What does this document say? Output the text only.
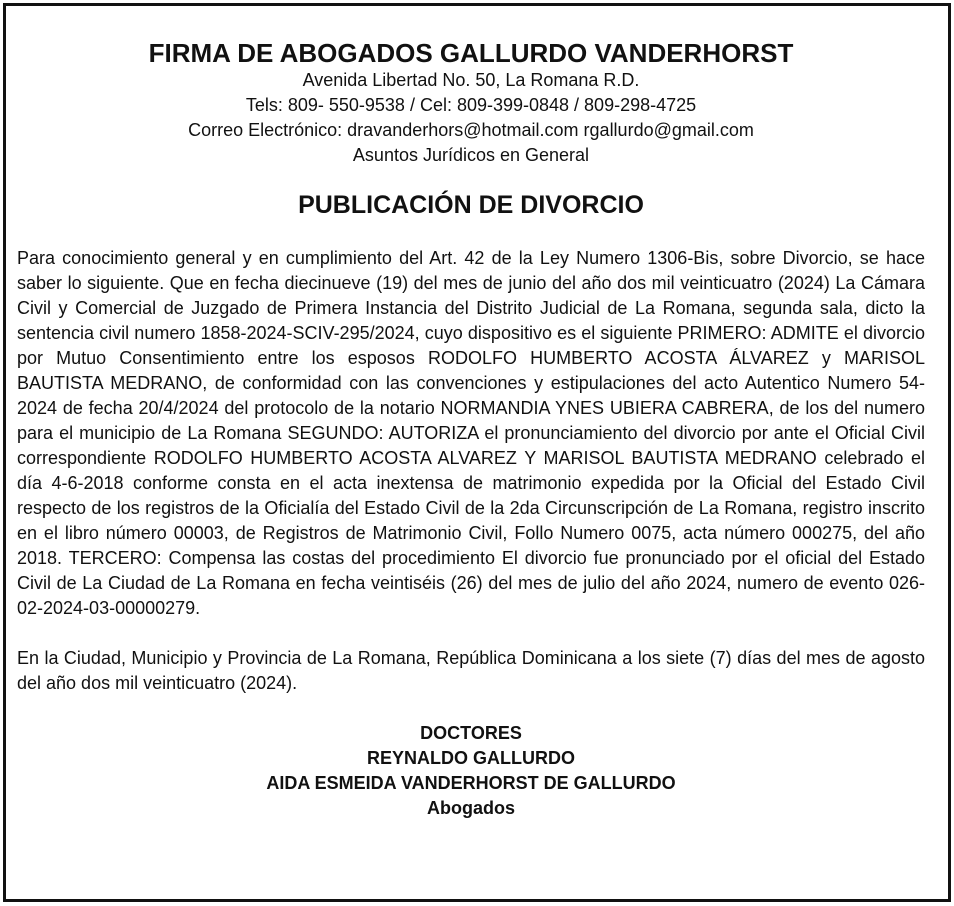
FIRMA DE ABOGADOS GALLURDO VANDERHORST

Avenida Libertad No. 50, La Romana R.D.

Tels: 809- 550-9538 / Cel: 809-399-0848 / 809-298-4725

Correo Electrónico: dravanderhors@hotmail.com rgallurdo@gmail.com

Asuntos Jurídicos en General

PUBLICACIÓN DE DIVORCIO

Para conocimiento general y en cumplimiento del Art. 42 de la Ley Numero 1306-Bis, sobre Divorcio, se hace saber lo siguiente. Que en fecha diecinueve (19) del mes de junio del año dos mil veinticuatro (2024) La Cámara Civil y Comercial de Juzgado de Primera Instancia del Distrito Judicial de La Romana, segunda sala, dicto la sentencia civil numero 1858-2024-SCIV-295/2024, cuyo dispositivo es el siguiente PRIMERO: ADMITE el divorcio por Mutuo Consentimiento entre los esposos RODOLFO HUMBERTO ACOSTA ÁLVAREZ y MARISOL BAUTISTA MEDRANO, de conformidad con las convenciones y estipulaciones del acto Autentico Numero 54-2024 de fecha 20/4/2024 del protocolo de la notario NORMANDIA YNES UBIERA CABRERA, de los del numero para el municipio de La Romana SEGUNDO: AUTORIZA el pronunciamiento del divorcio por ante el Oficial Civil correspondiente RODOLFO HUMBERTO ACOSTA ALVAREZ Y MARISOL BAUTISTA MEDRANO celebrado el día 4-6-2018 conforme consta en el acta inextensa de matrimonio expedida por la Oficial del Estado Civil respecto de los registros de la Oficialía del Estado Civil de la 2da Circunscripción de La Romana, registro inscrito en el libro número 00003, de Registros de Matrimonio Civil, Follo Numero 0075, acta número 000275, del año 2018. TERCERO: Compensa las costas del procedimiento El divorcio fue pronunciado por el oficial del Estado Civil de La Ciudad de La Romana en fecha veintiséis (26) del mes de julio del año 2024, numero de evento 026-02-2024-03-00000279.

En la Ciudad, Municipio y Provincia de La Romana, República Dominicana a los siete (7) días del mes de agosto del año dos mil veinticuatro (2024).

DOCTORES

REYNALDO GALLURDO

AIDA ESMEIDA VANDERHORST DE GALLURDO

Abogados
